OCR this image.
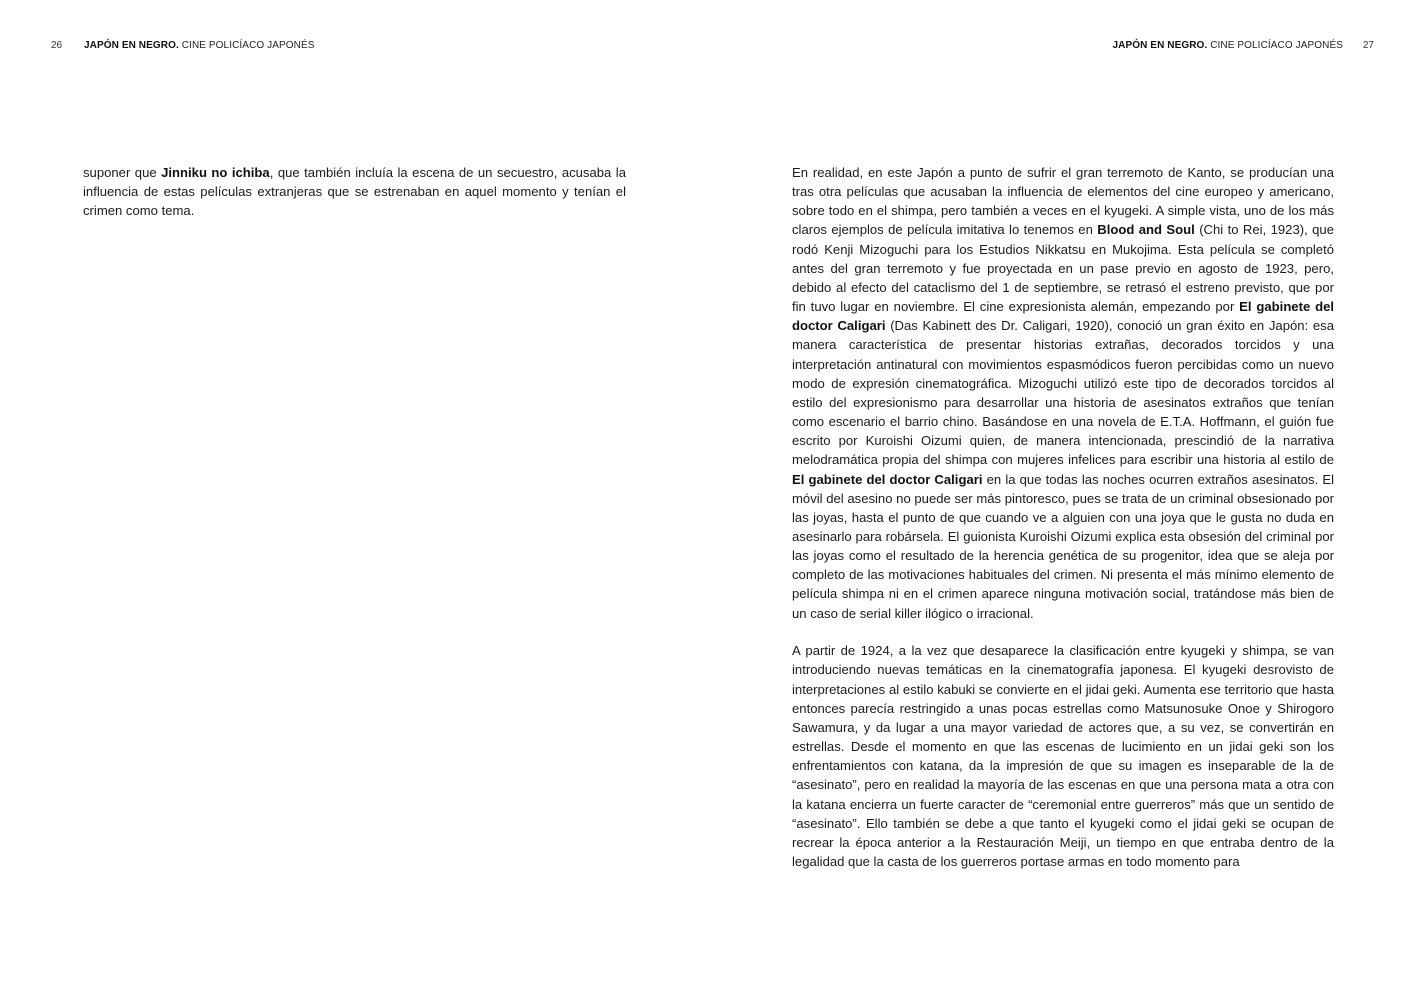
26 JAPÓN EN NEGRO. CINE POLICÍACO JAPONÉS

suponer que Jinniku no ichiba, que también incluía la escena de un secuestro, acusaba la influencia de estas películas extranjeras que se estrenaban en aquel momento y tenían el crimen como tema.

JAPÓN EN NEGRO. CINE POLICÍACO JAPONÉS 27

En realidad, en este Japón a punto de sufrir el gran terremoto de Kanto, se producían una tras otra películas que acusaban la influencia de elementos del cine europeo y americano, sobre todo en el shimpa, pero también a veces en el kyugeki. A simple vista, uno de los más claros ejemplos de película imitativa lo tenemos en Blood and Soul (Chi to Rei, 1923), que rodó Kenji Mizoguchi para los Estudios Nikkatsu en Mukojima. Esta película se completó antes del gran terremoto y fue proyectada en un pase previo en agosto de 1923, pero, debido al efecto del cataclismo del 1 de septiembre, se retrasó el estreno previsto, que por fin tuvo lugar en noviembre. El cine expresionista alemán, empezando por El gabinete del doctor Caligari (Das Kabinett des Dr. Caligari, 1920), conoció un gran éxito en Japón: esa manera característica de presentar historias extrañas, decorados torcidos y una interpretación antinatural con movimientos espasmódicos fueron percibidas como un nuevo modo de expresión cinematográfica. Mizoguchi utilizó este tipo de decorados torcidos al estilo del expresionismo para desarrollar una historia de asesinatos extraños que tenían como escenario el barrio chino. Basándose en una novela de E.T.A. Hoffmann, el guión fue escrito por Kuroishi Oizumi quien, de manera intencionada, prescindió de la narrativa melodramática propia del shimpa con mujeres infelices para escribir una historia al estilo de El gabinete del doctor Caligari en la que todas las noches ocurren extraños asesinatos. El móvil del asesino no puede ser más pintoresco, pues se trata de un criminal obsesionado por las joyas, hasta el punto de que cuando ve a alguien con una joya que le gusta no duda en asesinarlo para robársela. El guionista Kuroishi Oizumi explica esta obsesión del criminal por las joyas como el resultado de la herencia genética de su progenitor, idea que se aleja por completo de las motivaciones habituales del crimen. Ni presenta el más mínimo elemento de película shimpa ni en el crimen aparece ninguna motivación social, tratándose más bien de un caso de serial killer ilógico o irracional.

A partir de 1924, a la vez que desaparece la clasificación entre kyugeki y shimpa, se van introduciendo nuevas temáticas en la cinematografía japonesa. El kyugeki desrovisto de interpretaciones al estilo kabuki se convierte en el jidai geki. Aumenta ese territorio que hasta entonces parecía restringido a unas pocas estrellas como Matsunosuke Onoe y Shirogoro Sawamura, y da lugar a una mayor variedad de actores que, a su vez, se convertirán en estrellas. Desde el momento en que las escenas de lucimiento en un jidai geki son los enfrentamientos con katana, da la impresión de que su imagen es inseparable de la de “asesinato”, pero en realidad la mayoría de las escenas en que una persona mata a otra con la katana encierra un fuerte caracter de “ceremonial entre guerreros” más que un sentido de “asesinato”. Ello también se debe a que tanto el kyugeki como el jidai geki se ocupan de recrear la época anterior a la Restauración Meiji, un tiempo en que entraba dentro de la legalidad que la casta de los guerreros portase armas en todo momento para
